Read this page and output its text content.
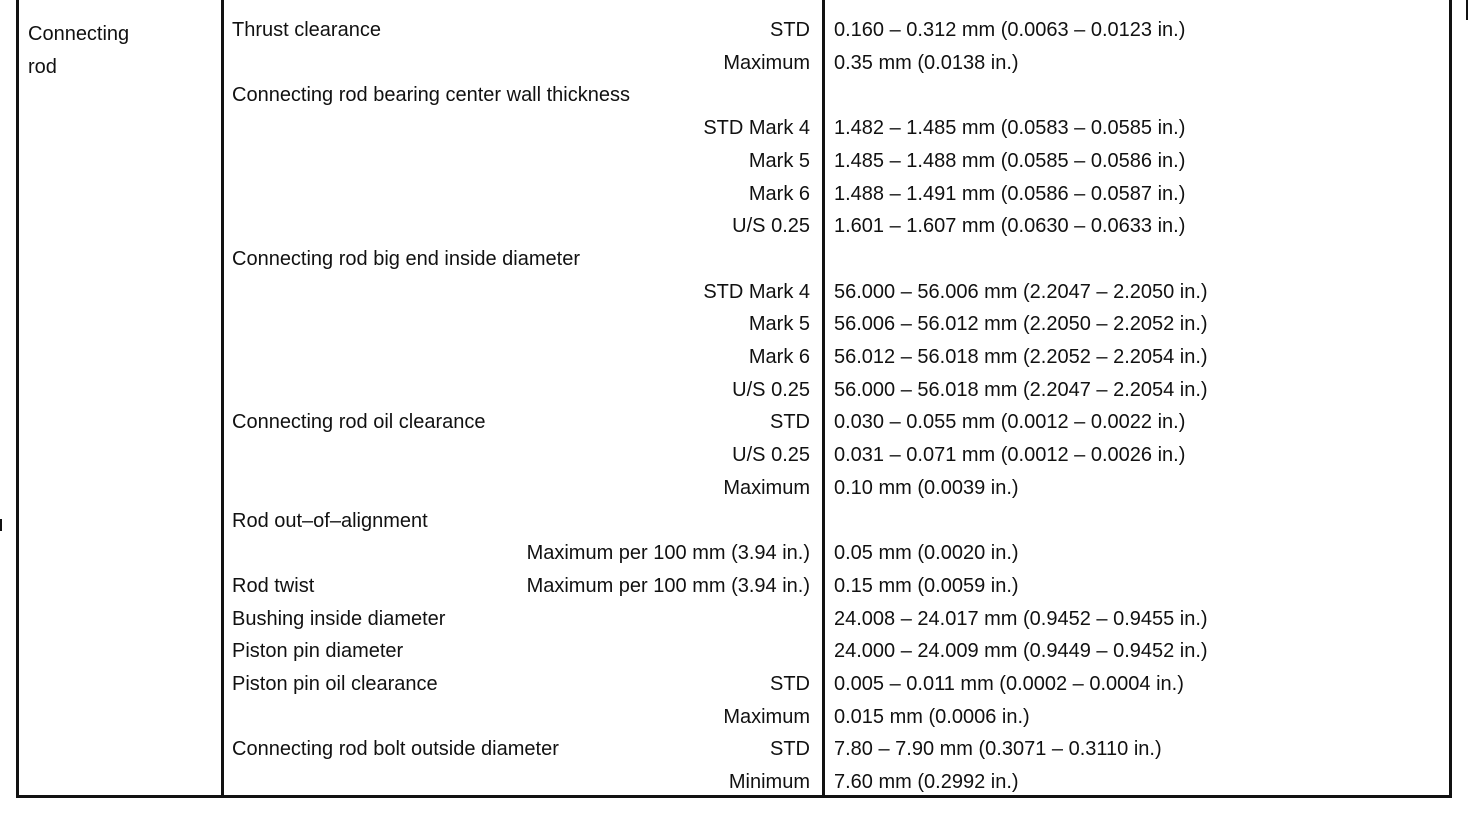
Connecting
rod
Thrust clearance	STD 0.160 – 0.312 mm (0.0063 – 0.0123 in.)
Maximum 0.35 mm (0.0138 in.)
Connecting rod bearing center wall thickness
STD Mark 4 1.482 – 1.485 mm (0.0583 – 0.0585 in.)
Mark 5 1.485 – 1.488 mm (0.0585 – 0.0586 in.)
Mark 6 1.488 – 1.491 mm (0.0586 – 0.0587 in.)
U/S 0.25 1.601 – 1.607 mm (0.0630 – 0.0633 in.)
Connecting rod big end inside diameter
STD Mark 4 56.000 – 56.006 mm (2.2047 – 2.2050 in.)
Mark 5 56.006 – 56.012 mm (2.2050 – 2.2052 in.)
Mark 6 56.012 – 56.018 mm (2.2052 – 2.2054 in.)
U/S 0.25 56.000 – 56.018 mm (2.2047 – 2.2054 in.)
Connecting rod oil clearance	STD 0.030 – 0.055 mm (0.0012 – 0.0022 in.)
U/S 0.25 0.031 – 0.071 mm (0.0012 – 0.0026 in.)
Maximum 0.10 mm (0.0039 in.)
Rod out–of–alignment
Maximum per 100 mm (3.94 in.) 0.05 mm (0.0020 in.)
Rod twist	Maximum per 100 mm (3.94 in.) 0.15 mm (0.0059 in.)
Bushing inside diameter	24.008 – 24.017 mm (0.9452 – 0.9455 in.)
Piston pin diameter	24.000 – 24.009 mm (0.9449 – 0.9452 in.)
Piston pin oil clearance	STD 0.005 – 0.011 mm (0.0002 – 0.0004 in.)
Maximum 0.015 mm (0.0006 in.)
Connecting rod bolt outside diameter	STD 7.80 – 7.90 mm (0.3071 – 0.3110 in.)
Minimum 7.60 mm (0.2992 in.)
